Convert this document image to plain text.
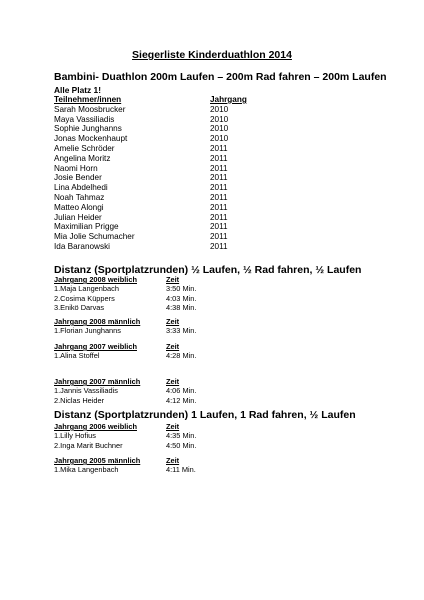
Siegerliste Kinderduathlon 2014
Bambini- Duathlon 200m Laufen – 200m Rad fahren – 200m Laufen
Alle Platz 1!
Teilnehmer/innen	Jahrgang
Sarah Moosbrucker	2010
Maya Vassiliadis	2010
Sophie Junghanns	2010
Jonas Mockenhaupt	2010
Amelie Schröder	2011
Angelina Moritz	2011
Naomi Horn	2011
Josie Bender	2011
Lina Abdelhedi	2011
Noah Tahmaz	2011
Matteo Alongi	2011
Julian Heider	2011
Maximilian Prigge	2011
Mia Jolie Schumacher	2011
Ida Baranowski	2011
Distanz (Sportplatzrunden) ½ Laufen, ½ Rad fahren, ½ Laufen
Jahrgang 2008 weiblich	Zeit
1.Maja Langenbach	3:50 Min.
2.Cosima Küppers	4:03 Min.
3.Enikö Darvas	4:38 Min.
Jahrgang 2008 männlich	Zeit
1.Florian Junghanns	3:33 Min.
Jahrgang 2007 weiblich	Zeit
1.Alina Stoffel	4:28 Min.
Jahrgang 2007 männlich	Zeit
1.Jannis Vassiliadis	4:06 Min.
2.Niclas Heider	4:12 Min.
Distanz (Sportplatzrunden) 1 Laufen, 1 Rad fahren, ½ Laufen
Jahrgang 2006 weiblich	Zeit
1.Lilly Hofius	4:35 Min.
2.Inga Marit Buchner	4:50 Min.
Jahrgang 2005 männlich	Zeit
1.Mika Langenbach	4:11 Min.
